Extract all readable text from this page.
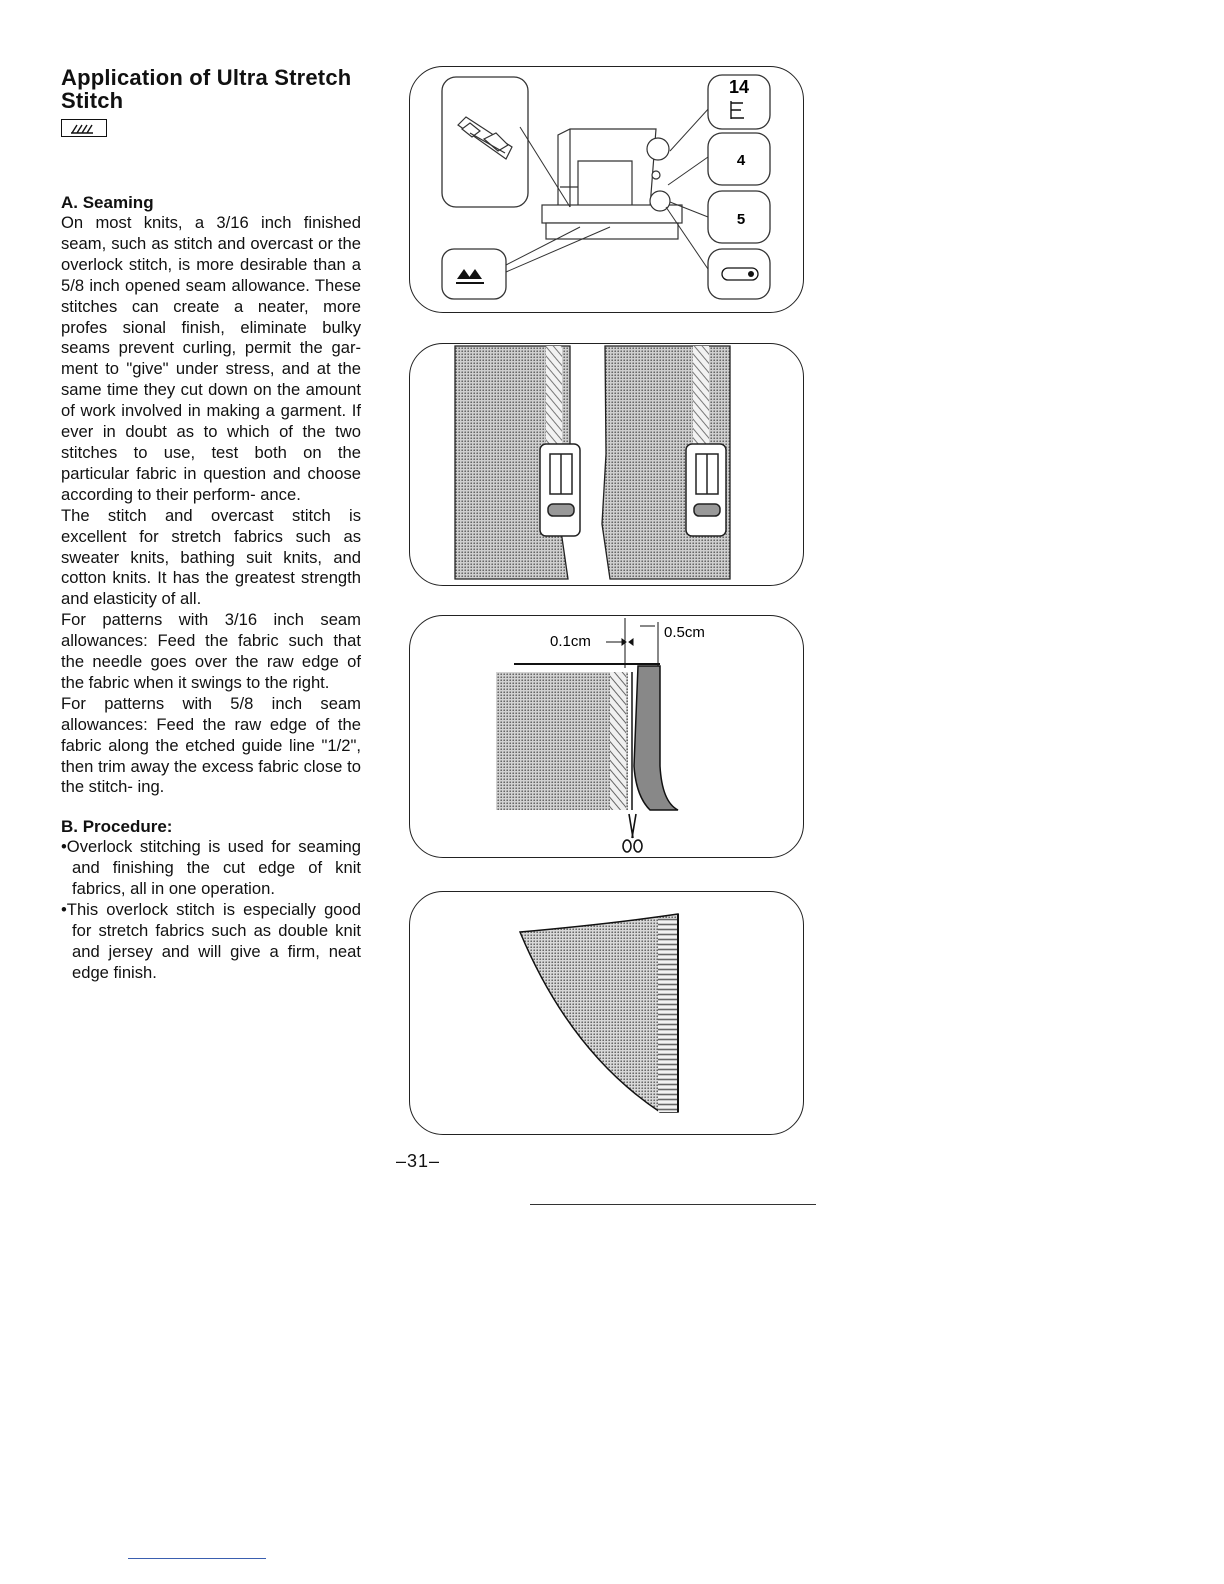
Application of Ultra Stretch Stitch
A. Seaming

On most knits, a 3/16 inch finished seam, such as stitch and overcast or the overlock stitch, is more desirable than a 5/8 inch opened seam allowance. These stitches can create a neater, more profes sional finish, eliminate bulky seams prevent curling, permit the gar- ment to "give" under stress, and at the same time they cut down on the amount of work involved in making a garment. If ever in doubt as to which of the two stitches to use, test both on the particular fabric in question and choose according to their perform- ance.

The stitch and overcast stitch is excellent for stretch fabrics such as sweater knits, bathing suit knits, and cotton knits. It has the greatest strength and elasticity of all.

For patterns with 3/16 inch seam allowances: Feed the fabric such that the needle goes over the raw edge of the fabric when it swings to the right.

For patterns with 5/8 inch seam allowances: Feed the raw edge of the fabric along the etched guide line "1/2", then trim away the excess fabric close to the stitch- ing.

B. Procedure:

•Overlock stitching is used for seaming and finishing the cut edge of knit fabrics, all in one operation.

•This overlock stitch is especially good for stretch fabrics such as double knit and jersey and will give a firm, neat edge finish.

14
4
5
0.1cm
0.5cm
–31–
